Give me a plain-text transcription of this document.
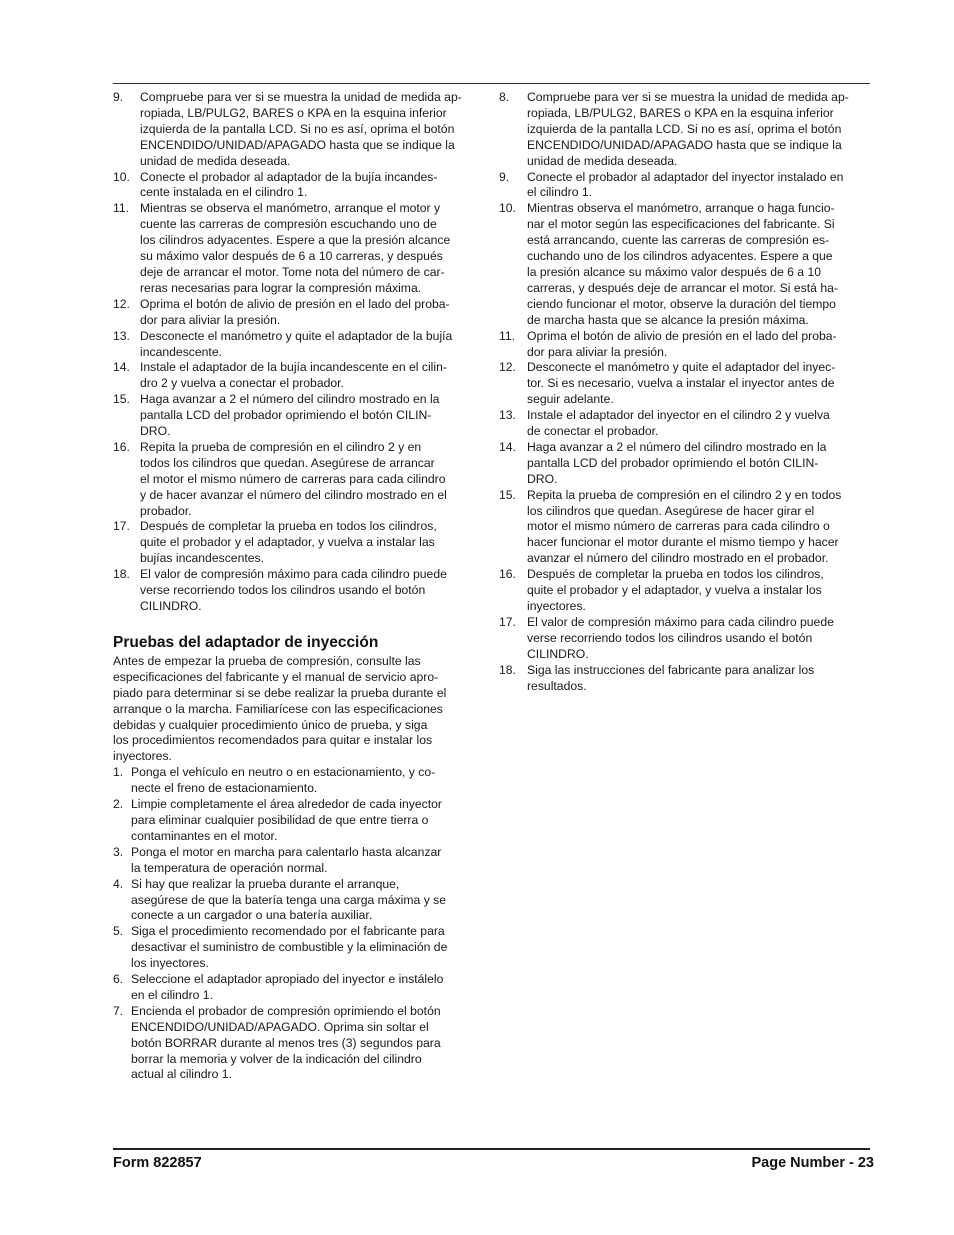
9.	Compruebe para ver si se muestra la unidad de medida ap-
ropiada, LB/PULG2, BARES o KPA en la esquina inferior
izquierda de la pantalla LCD. Si no es así, oprima el botón
ENCENDIDO/UNIDAD/APAGADO hasta que se indique la
unidad de medida deseada.
10. Conecte el probador al adaptador de la bujía incandes-
cente instalada en el cilindro 1.
11. Mientras se observa el manómetro, arranque el motor y
cuente las carreras de compresión escuchando uno de
los cilindros adyacentes. Espere a que la presión alcance
su máximo valor después de 6 a 10 carreras, y después
deje de arrancar el motor. Tome nota del número de car-
reras necesarias para lograr la compresión máxima.
12. Oprima el botón de alivio de presión en el lado del proba-
dor para aliviar la presión.
13. Desconecte el manómetro y quite el adaptador de la bujía
incandescente.
14. Instale el adaptador de la bujía incandescente en el cilin-
dro 2 y vuelva a conectar el probador.
15. Haga avanzar a 2 el número del cilindro mostrado en la
pantalla LCD del probador oprimiendo el botón CILIN-
DRO.
16. Repita la prueba de compresión en el cilindro 2 y en
todos los cilindros que quedan. Asegúrese de arrancar
el motor el mismo número de carreras para cada cilindro
y de hacer avanzar el número del cilindro mostrado en el
probador.
17. Después de completar la prueba en todos los cilindros,
quite el probador y el adaptador, y vuelva a instalar las
bujías incandescentes.
18. El valor de compresión máximo para cada cilindro puede
verse recorriendo todos los cilindros usando el botón
CILINDRO.
Pruebas del adaptador de inyección

Antes de empezar la prueba de compresión, consulte las
especificaciones del fabricante y el manual de servicio apro-
piado para determinar si se debe realizar la prueba durante el
arranque o la marcha. Familiarícese con las especificaciones
debidas y cualquier procedimiento único de prueba, y siga
los procedimientos recomendados para quitar e instalar los
inyectores.

1. Ponga el vehículo en neutro o en estacionamiento, y co-
necte el freno de estacionamiento.
2. Limpie completamente el área alrededor de cada inyector
para eliminar cualquier posibilidad de que entre tierra o
contaminantes en el motor.
3. Ponga el motor en marcha para calentarlo hasta alcanzar
la temperatura de operación normal.
4. Si hay que realizar la prueba durante el arranque,
asegúrese de que la batería tenga una carga máxima y se
conecte a un cargador o una batería auxiliar.
5. Siga el procedimiento recomendado por el fabricante para
desactivar el suministro de combustible y la eliminación de
los inyectores.
6. Seleccione el adaptador apropiado del inyector e instálelo
en el cilindro 1.
7. Encienda el probador de compresión oprimiendo el botón
ENCENDIDO/UNIDAD/APAGADO. Oprima sin soltar el
botón BORRAR durante al menos tres (3) segundos para
borrar la memoria y volver de la indicación del cilindro
actual al cilindro 1.
8.	Compruebe para ver si se muestra la unidad de medida ap-
ropiada, LB/PULG2, BARES o KPA en la esquina inferior
izquierda de la pantalla LCD. Si no es así, oprima el botón
ENCENDIDO/UNIDAD/APAGADO hasta que se indique la
unidad de medida deseada.
9.	Conecte el probador al adaptador del inyector instalado en
el cilindro 1.
10. Mientras observa el manómetro, arranque o haga funcio-
nar el motor según las especificaciones del fabricante. Si
está arrancando, cuente las carreras de compresión es-
cuchando uno de los cilindros adyacentes. Espere a que
la presión alcance su máximo valor después de 6 a 10
carreras, y después deje de arrancar el motor. Si está ha-
ciendo funcionar el motor, observe la duración del tiempo
de marcha hasta que se alcance la presión máxima.
11. Oprima el botón de alivio de presión en el lado del proba-
dor para aliviar la presión.
12. Desconecte el manómetro y quite el adaptador del inyec-
tor. Si es necesario, vuelva a instalar el inyector antes de
seguir adelante.
13. Instale el adaptador del inyector en el cilindro 2 y vuelva
de conectar el probador.
14. Haga avanzar a 2 el número del cilindro mostrado en la
pantalla LCD del probador oprimiendo el botón CILIN-
DRO.
15. Repita la prueba de compresión en el cilindro 2 y en todos
los cilindros que quedan. Asegúrese de hacer girar el
motor el mismo número de carreras para cada cilindro o
hacer funcionar el motor durante el mismo tiempo y hacer
avanzar el número del cilindro mostrado en el probador.
16. Después de completar la prueba en todos los cilindros,
quite el probador y el adaptador, y vuelva a instalar los
inyectores.
17. El valor de compresión máximo para cada cilindro puede
verse recorriendo todos los cilindros usando el botón
CILINDRO.
18. Siga las instrucciones del fabricante para analizar los
resultados.
Form 822857	Page Number - 23
